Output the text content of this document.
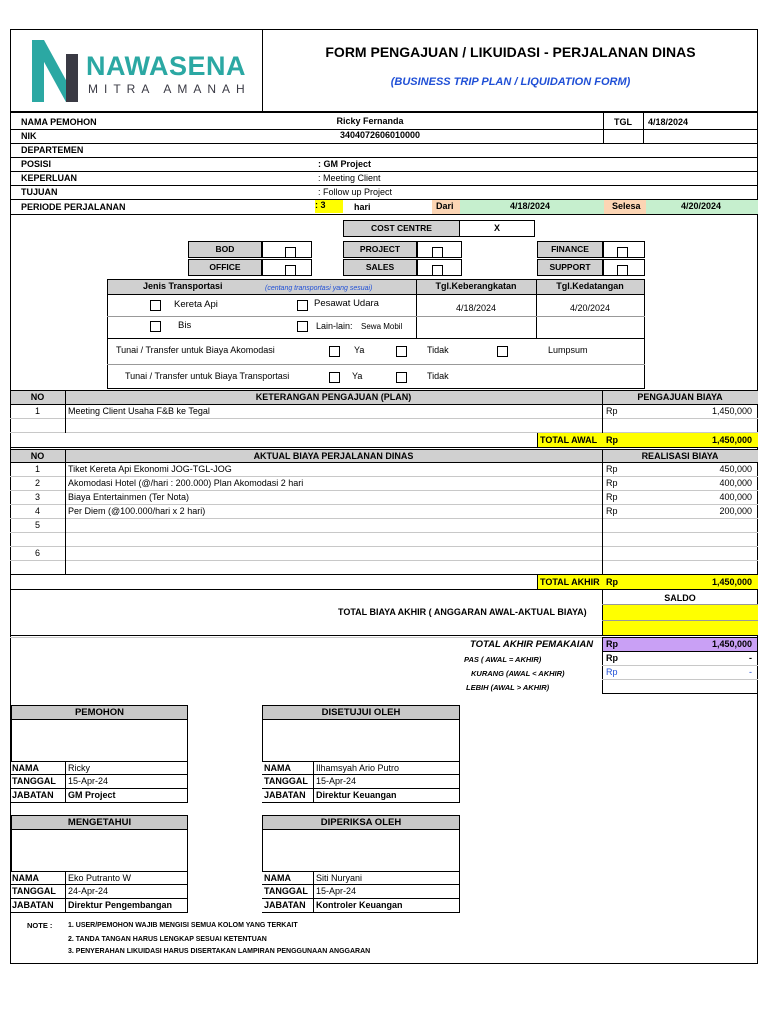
NAWASENA
MITRA AMANAH
FORM PENGAJUAN / LIKUIDASI - PERJALANAN DINAS
(BUSINESS TRIP PLAN / LIQUIDATION FORM)
NAMA PEMOHON	Ricky Fernanda	TGL 4/18/2024
NIK	3404072606010000
DEPARTEMEN
POSISI	: GM Project
KEPERLUAN	: Meeting Client
TUJUAN	: Follow up Project
PERIODE PERJALANAN	: 3	hari	Dari	4/18/2024	Selesa	4/20/2024
COST CENTRE	X
BOD
OFFICE
PROJECT
SALES
FINANCE
SUPPORT
Jenis Transportasi	(centang transportasi yang sesuai)	Tgl.Keberangkatan	Tgl.Kedatangan
Kereta Api	Pesawat Udara
Bis	Lain-lain: Sewa Mobil
4/18/2024	4/20/2024
Tunai / Transfer untuk Biaya Akomodasi	Ya	Tidak	Lumpsum
Tunai / Transfer untuk Biaya Transportasi	Ya	Tidak
NO	KETERANGAN PENGAJUAN (PLAN)	PENGAJUAN BIAYA
1	Meeting Client Usaha F&B ke Tegal	Rp	1,450,000
TOTAL AWAL Rp	1,450,000
NO	AKTUAL BIAYA PERJALANAN DINAS	REALISASI BIAYA
1	Tiket Kereta Api Ekonomi JOG-TGL-JOG	Rp	450,000
2	Akomodasi Hotel (@/hari : 200.000) Plan Akomodasi 2 hari	Rp	400,000
3	Biaya Entertainmen (Ter Nota)	Rp	400,000
4	Per Diem (@100.000/hari x 2 hari)	Rp	200,000
5
6
TOTAL AKHIR Rp	1,450,000
SALDO
TOTAL BIAYA AKHIR ( ANGGARAN AWAL-AKTUAL BIAYA)
TOTAL AKHIR PEMAKAIAN Rp	1,450,000
PAS ( AWAL = AKHIR)	Rp	-
KURANG (AWAL < AKHIR)	Rp	-
LEBIH (AWAL > AKHIR)
PEMOHON	DISETUJUI OLEH
NAMA	Ricky
TANGGAL 15-Apr-24
JABATAN GM Project
NAMA	Ilhamsyah Ario Putro
TANGGAL 15-Apr-24
JABATAN Direktur Keuangan
MENGETAHUI	DIPERIKSA OLEH
NAMA	Eko Putranto W
TANGGAL 24-Apr-24
JABATAN Direktur Pengembangan
NAMA	Siti Nuryani
TANGGAL 15-Apr-24
JABATAN Kontroler Keuangan
NOTE : 1. USER/PEMOHON WAJIB MENGISI SEMUA KOLOM YANG TERKAIT
2. TANDA TANGAN HARUS LENGKAP SESUAI KETENTUAN
3. PENYERAHAN LIKUIDASI HARUS DISERTAKAN LAMPIRAN PENGGUNAAN ANGGARAN
